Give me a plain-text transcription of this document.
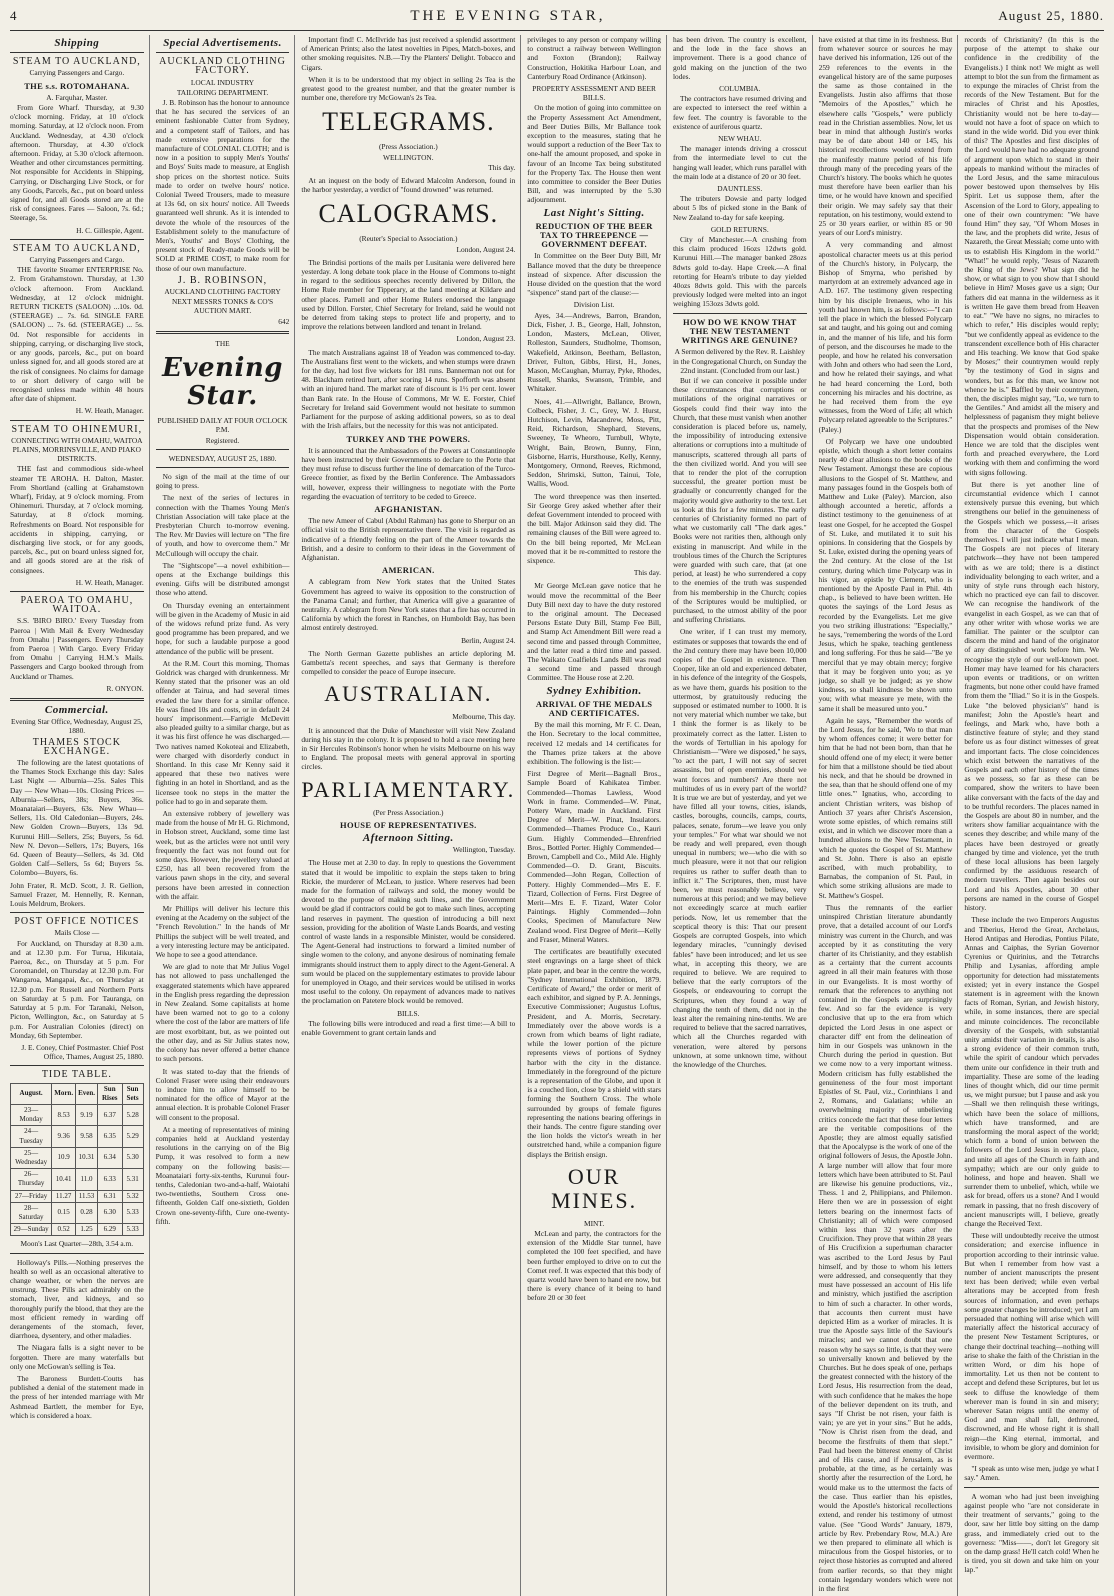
4	THE EVENING STAR,	August 25, 1880.
Shipping
STEAM TO AUCKLAND,
Carrying Passengers and Cargo.
THE s.s. ROTOMAHANA.
A. Farquhar, Master.

From Gore Wharf. Thursday, at 9.30 o'clock morning. Friday, at 10 o'clock morning. Saturday, at 12 o'clock noon. From Auckland. Wednesday, at 4.30 o'clock afternoon. Thursday, at 4.30 o'clock afternoon. Friday, at 5.30 o'clock afternoon. Weather and other circumstances permitting. Not responsible for Accidents in Shipping, Carrying, or Discharging Live Stock, or for any Goods, Parcels, &c., put on board unless signed for, and all Goods stored are at the risk of consignees. Fares — Saloon, 7s. 6d.; Steerage, 5s.

H. C. Gillespie, Agent.
STEAM TO AUCKLAND,
Carrying Passengers and Cargo.

THE favorite Steamer ENTERPRISE No. 2. From Grahamstown. Thursday, at 1.30 o'clock afternoon. From Auckland. Wednesday, at 12 o'clock midnight. RETURN TICKETS (SALOON) ...10s. 0d. (STEERAGE) ... 7s. 6d. SINGLE FARE (SALOON) ... 7s. 6d. (STEERAGE) ... 5s. 0d. Not responsible for accidents in shipping, carrying, or discharging live stock, or any goods, parcels, &c., put on board unless signed for, and all goods stored are at the risk of consignees. No claims for damage to or short delivery of cargo will be recognised unless made within 48 hours after date of shipment.

H. W. Heath, Manager.
STEAM TO OHINEMURI,
CONNECTING WITH OMAHU, WAITOA PLAINS, MORRINSVILLE, AND PIAKO DISTRICTS.

THE fast and commodious side-wheel steamer TE AROHA. H. Dalton, Master. From Shortland (calling at Grahamstown Wharf), Friday, at 9 o'clock morning. From Ohinemuri. Thursday, at 7 o'clock morning. Saturday, at 8 o'clock morning. Refreshments on Board. Not responsible for accidents in shipping, carrying, or discharging live stock, or for any goods, parcels, &c., put on board unless signed for, and all goods stored are at the risk of consignees.

H. W. Heath, Manager.
PAEROA TO OMAHU, WAITOA.

S.S. 'BIRO BIRO.' Every Tuesday from Paeroa | With Mail & Every Wednesday from Omahu | Passengers. Every Thursday from Paeroa | With Cargo. Every Friday from Omahu | Carrying H.M.'s Mails. Passengers and Cargo booked through from Auckland or Thames.

R. ONYON.
Commercial.
Evening Star Office, Wednesday, August 25, 1880.
THAMES STOCK EXCHANGE.

The following are the latest quotations of the Thames Stock Exchange this day: Sales Last Night — Alburnia—25s. Sales This Day — New Whau—10s. Closing Prices — Alburnia—Sellers, 38s; Buyers, 36s. Moanataiari—Buyers, 63s. New Whau—Sellers, 11s. Old Caledonian—Buyers, 24s. New Golden Crown—Buyers, 13s 9d. Kurunui Hill—Sellers, 25s; Buyers, 5s 6d. New N. Devon—Sellers, 17s; Buyers, 16s 6d. Queen of Beauty—Sellers, 4s 3d. Old Golden Calf—Sellers, 5s 6d; Buyers 5s. Colombo—Buyers, 6s.

John Frater, R. McD. Scott, J. R. Gellion, Samuel Frazer, M. Hennelly, R. Kennan, Louis Meldrum, Brokers.

POST OFFICE NOTICES
Mails Close —

For Auckland, on Thursday at 8.30 a.m. and at 12.30 p.m. For Turua, Hikutaia, Paeroa, &c., on Thursday at 5 p.m. For Coromandel, on Thursday at 12.30 p.m. For Wangaroa, Mangapai, &c., on Thursday at 12.30 p.m. For Russell and Northern Ports on Saturday at 5 p.m. For Tauranga, on Saturday at 5 p.m. For Taranaki, Nelson, Picton, Wellington, &c., on Saturday at 5 p.m. For Australian Colonies (direct) on Monday, 6th September.

J. E. Coney, Chief Postmaster. Chief Post Office, Thames, August 25, 1880.
TIDE TABLE.
August.	Morn.	Even.	Sun Rises	Sun Sets
23—Monday	8.53	9.19	6.37	5.28
24—Tuesday	9.36	9.58	6.35	5.29
25—Wednesday	10.9	10.31	6.34	5.30
26—Thursday	10.41	11.0	6.33	5.31
27—Friday	11.27	11.53	6.31	5.32
28—Saturday	0.15	0.28	6.30	5.33
29—Sunday	0.52	1.25	6.29	5.33
Moon's Last Quarter—28th, 3.54 a.m.

Holloway's Pills.—Nothing preserves the health so well as an occasional alterative to change weather, or when the nerves are unstrung. These Pills act admirably on the stomach, liver, and kidneys, and so thoroughly purify the blood, that they are the most efficient remedy in warding off derangements of the stomach, fever, diarrhoea, dysentery, and other maladies.

The Niagara falls is a sight never to be forgotten. There are many waterfalls but only one McGowan's selling is Tea.

The Baroness Burdett-Coutts has published a denial of the statement made in the press of her intended marriage with Mr Ashmead Bartlett, the member for Eye, which is considered a hoax.

Special Advertisements.
AUCKLAND CLOTHING FACTORY.
LOCAL INDUSTRY
TAILORING DEPARTMENT.

J. B. Robinson has the honour to announce that he has secured the services of an eminent fashionable Cutter from Sydney, and a competent staff of Tailors, and has made extensive preparations for the manufacture of COLONIAL CLOTH; and is now in a position to supply Men's Youths' and Boys' Suits made to measure, at English shop prices on the shortest notice. Suits made to order on twelve hours' notice. Colonial Tweed Trousers, made to measure at 13s 6d, on six hours' notice. All Tweeds guaranteed well shrunk. As it is intended to devote the whole of the resources of the Establishment solely to the manufacture of Men's, Youths' and Boys' Clothing, the present stock of Ready-made Goods will be SOLD at PRIME COST, to make room for those of our own manufacture.

J. B. ROBINSON,
AUCKLAND CLOTHING FACTORY
NEXT MESSRS TONKS & CO'S AUCTION MART.
642
THE
Evening Star.
PUBLISHED DAILY AT FOUR O'CLOCK P.M.
Registered.
WEDNESDAY, AUGUST 25, 1880.

No sign of the mail at the time of our going to press.

The next of the series of lectures in connection with the Thames Young Men's Christian Association will take place at the Presbyterian Church to-morrow evening. The Rev. Mr Davies will lecture on "The fire of youth, and how to overcome them." Mr McCullough will occupy the chair.

The "Sightscope"—a novel exhibition—opens at the Exchange buildings this evening. Gifts will be distributed amongst those who attend.

On Thursday evening an entertainment will be given in the Academy of Music in aid of the widows refund prize fund. As very good programme has been prepared, and we hope, for such a laudable purpose a good attendance of the public will be present.

At the R.M. Court this morning, Thomas Goldrick was charged with drunkenness. Mr Kenny stated that the prisoner was an old offender at Tairua, and had several times evaded the law there for a similar offence. He was fined 10s and costs, or in default 24 hours' imprisonment.—Farrigle McDevitt also pleaded guilty to a similar charge, but as it was his first offence he was discharged.—Two natives named Kokoteai and Elizabeth, were charged with disorderly conduct in Shortland. In this case Mr Kenny said it appeared that these two natives were fighting in an hotel in Shortland, and as the licensee took no steps in the matter the police had to go in and separate them.

An extensive robbery of jewellery was made from the house of Mr H. G. Richmond, in Hobson street, Auckland, some time last week, but as the articles were not until very frequently the fact was not found out for some days. However, the jewellery valued at £250, has all been recovered from the various pawn shops in the city, and several persons have been arrested in connection with the affair.

Mr Phillips will deliver his lecture this evening at the Academy on the subject of the "French Revolution." In the hands of Mr Phillips the subject will be well treated, and a very interesting lecture may be anticipated. We hope to see a good attendance.

We are glad to note that Mr Julius Vogel has not allowed to pass unchallenged the exaggerated statements which have appeared in the English press regarding the depression in New Zealand. Some capitalists at home have been warned not to go to a colony where the cost of the labor are matters of life are most exorbitant, but, as we pointed out the other day, and as Sir Julius states now, the colony has never offered a better chance to such persons.

It was stated to-day that the friends of Colonel Fraser were using their endeavours to induce him to allow himself to be nominated for the office of Mayor at the annual election. It is probable Colonel Fraser will consent to the proposal.

At a meeting of representatives of mining companies held at Auckland yesterday resolutions in the carrying on of the Big Pump, it was resolved to form a new company on the following basis:—Moanataiari forty-six-tenths, Kurunui four-tenths, Caledonian two-and-a-half, Waiotahi two-twentieths, Southern Cross one-fifteenth, Golden Calf one-sixtieth, Golden Crown one-seventy-fifth, Cure one-twenty-fifth.

Important find! C. McIlvride has just received a splendid assortment of American Prints; also the latest novelties in Pipes, Match-boxes, and other smoking requisites. N.B.—Try the Planters' Delight. Tobacco and Cigars.

When it is to be understood that my object in selling 2s Tea is the greatest good to the greatest number, and that the greater number is number one, therefore try McGowan's 2s Tea.

TELEGRAMS.
(Press Association.)
WELLINGTON.
This day.

At an inquest on the body of Edward Malcolm Anderson, found in the harbor yesterday, a verdict of "found drowned" was returned.

CALOGRAMS.
(Reuter's Special to Association.)
London, August 24.

The Brindisi portions of the mails per Lusitania were delivered here yesterday. A long debate took place in the House of Commons to-night in regard to the seditious speeches recently delivered by Dillon, the Home Rule member for Tipperary, at the land meeting at Kildare and other places. Parnell and other Home Rulers endorsed the language used by Dillon. Forster, Chief Secretary for Ireland, said he would not be deterred from taking steps to protect life and property, and to improve the relations between landlord and tenant in Ireland.

London, August 23.

The match Australians against 18 of Yeadon was commenced to-day. The Australians first went to the wickets, and when stumps were drawn for the day, had lost five wickets for 181 runs. Bannerman not out for 48. Blackham retired hurt, after scoring 14 runs. Spofforth was absent with an injured hand. The market rate of discount is 1½ per cent. lower than Bank rate. In the House of Commons, Mr W. E. Forster, Chief Secretary for Ireland said Government would not hesitate to summon Parliament for the purpose of asking additional powers, so as to deal with the Irish affairs, but the necessity for this was not anticipated.

TURKEY AND THE POWERS.

It is announced that the Ambassadors of the Powers at Constantinople have been instructed by their Governments to declare to the Porte that they must refuse to discuss further the line of demarcation of the Turco-Greece frontier, as fixed by the Berlin Conference. The Ambassadors will, however, express their willingness to negotiate with the Porte regarding the evacuation of territory to be ceded to Greece.

AFGHANISTAN.

The new Ameer of Cabul (Abdul Rahman) has gone to Sherpur on an official visit to the British representative there. The visit is regarded as indicative of a friendly feeling on the part of the Ameer towards the British, and a desire to conform to their ideas in the Government of Afghanistan.

AMERICAN.

A cablegram from New York states that the United States Government has agreed to waive its opposition to the construction of the Panama Canal; and further, that America will give a guarantee of neutrality. A cablegram from New York states that a fire has occurred in California by which the forest in Ranches, on Humboldt Bay, has been almost entirely destroyed.

Berlin, August 24.

The North German Gazette publishes an article deploring M. Gambetta's recent speeches, and says that Germany is therefore compelled to consider the peace of Europe insecure.

AUSTRALIAN.
Melbourne, This day.

It is announced that the Duke of Manchester will visit New Zealand during his stay in the colony. It is proposed to hold a race meeting here in Sir Hercules Robinson's honor when he visits Melbourne on his way to England. The proposal meets with general approval in sporting circles.

PARLIAMENTARY.
(Per Press Association.)
HOUSE OF REPRESENTATIVES.
Afternoon Sitting.
Wellington, Tuesday.

The House met at 2.30 to day. In reply to questions the Government stated that it would be impolitic to explain the steps taken to bring Rickie, the murderer of McLean, to justice. Where reserves had been made for the formation of railways and sold, the money would be devoted to the purpose of making such lines, and the Government would be glad if contractors could be got to make such lines, accepting land reserves in payment. The question of introducing a bill next session, providing for the abolition of Waste Lands Boards, and vesting control of waste lands in a responsible Minister, would be considered. The Agent-General had instructions to forward a limited number of single women to the colony, and anyone desirous of nominating female immigrants should instruct them to apply direct to the Agent-General. A sum would be placed on the supplementary estimates to provide labour for unemployed in Otago, and their services would be utilised in works most useful to the colony. On repayment of advances made to natives the proclamation on Patetere block would be removed.

BILLS.

The following bills were introduced and read a first time:—A bill to enable Government to grant certain lands and

privileges to any person or company willing to construct a railway between Wellington and Foxton (Brandon); Railway Construction, Hokitika Harbour Loan, and Canterbury Road Ordinance (Atkinson).

PROPERTY ASSESSMENT AND BEER BILLS.

On the motion of going into committee on the Property Assessment Act Amendment, and Beer Duties Bills, Mr Ballance took exception to the measures, stating that he would support a reduction of the Beer Tax to one-half the amount proposed, and spoke in favour of an Income Tax being substituted for the Property Tax. The House then went into committee to consider the Beer Duties Bill, and was interrupted by the 5.30 adjournment.

Last Night's Sitting.
REDUCTION OF THE BEER TAX TO THREEPENCE — GOVERNMENT DEFEAT.

In Committee on the Beer Duty Bill, Mr Ballance moved that the duty be threepence instead of sixpence. After discussion the House divided on the question that the word "sixpence" stand part of the clause:—

Division List.

Ayes, 34.—Andrews, Barron, Brandon, Dick, Fisher, J. B., George, Hall, Johnston, London, Masters, McLean, Oliver, Rolleston, Saunders, Studholme, Thomson, Wakefield, Atkinson, Beetham, Bellaston, Driver, Fulton, Gibbs, Hirst, H., Jones, Mason, McCaughan, Murray, Pyke, Rhodes, Russell, Shanks, Swanson, Trimble, and Whitaker.

Noes, 41.—Allwright, Ballance, Brown, Colbeck, Fisher, J. C., Grey, W. J. Hurst, Hutchison, Levin, Macandrew, Moss, Pitt, Reid, Richardson, Shephard, Stevens, Sweeney, Te Wheoro, Turnbull, Whyte, Wright, Bain, Brown, Bunny, Finn, Gisborne, Harris, Hursthouse, Kelly, Kenny, Montgomery, Ormond, Reeves, Richmond, Seddon, Shrimski, Sutton, Tainui, Tole, Wallis, Wood.

The word threepence was then inserted. Sir George Grey asked whether after their defeat Government intended to proceed with the bill. Major Atkinson said they did. The remaining clauses of the Bill were agreed to. On the bill being reported, Mr McLean moved that it be re-committed to restore the sixpence.

This day.

Mr George McLean gave notice that he would move the recommittal of the Beer Duty Bill next day to have the duty restored to the original amount. The Deceased Persons Estate Duty Bill, Stamp Fee Bill, and Stamp Act Amendment Bill were read a second time and passed through Committee, and the latter read a third time and passed. The Waikato Coalfields Lands Bill was read a second time and passed through Committee. The House rose at 2.20.

Sydney Exhibition.
ARRIVAL OF THE MEDALS AND CERTIFICATES.

By the mail this morning, Mr F. C. Dean, the Hon. Secretary to the local committee, received 12 medals and 14 certificates for the Thames prize takers at the above exhibition. The following is the list:—

First Degree of Merit—Bagnall Bros., Sample Board of Kahikatea Timber. Commended—Thomas Lawless, Wood Work in frame. Commended—W. Pinat, Pottery Ware, made in Auckland. First Degree of Merit—W. Pinat, Insulators. Commended—Thames Produce Co., Kauri Gum. Highly Commended—Ehrenfried Bros., Bottled Porter. Highly Commended—Brown, Campbell and Co., Mild Ale. Highly Commended—O. D. Grant, Biscuits. Commended—John Regan, Collection of Pottery. Highly Commended—Mrs E. F. Tizard, Collection of Ferns. First Degree of Merit—Mrs E. F. Tizard, Water Color Paintings. Highly Commended—John Cooks, Specimen of Manufacture New Zealand wood. First Degree of Merit—Kelly and Fraser, Mineral Waters.

The certificates are beautifully executed steel engravings on a large sheet of thick plate paper, and bear in the centre the words, "Sydney International Exhibition, 1879. Certificate of Award," the order or merit of each exhibitor, and signed by P. A. Jennings, Executive Commissioner; Augustus Loftus, President, and A. Morris, Secretary. Immediately over the above words is a crown from which beams of light radiate, while the lower portion of the picture represents views of portions of Sydney harbor with the city in the distance. Immediately in the foreground of the picture is a representation of the Globe, and upon it is a couched lion, close by a shield with stars forming the Southern Cross. The whole surrounded by groups of female figures representing the nations bearing offerings in their hands. The centre figure standing over the lion holds the victor's wreath in her outstretched hand, while a companion figure displays the British ensign.

OUR MINES.
MINT.

McLean and party, the contractors for the extension of the Middle Star tunnel, have completed the 100 feet specified, and have been further employed to drive on to cut the Comet reef. It was expected that this body of quartz would have been to hand ere now, but there is every chance of it being to hand before 20 or 30 feet

has been driven. The country is excellent, and the lode in the face shows an improvement. There is a good chance of gold making on the junction of the two lodes.

COLUMBIA.

The contractors have resumed driving and are expected to intersect the reef within a few feet. The country is favorable to the existence of auriferous quartz.

NEW WHAU.

The manager intends driving a crosscut from the intermediate level to cut the hanging wall leader, which runs parallel with the main lode at a distance of 20 or 30 feet.

DAUNTLESS.

The tributers Dowsie and party lodged about 5 lbs of picked stone in the Bank of New Zealand to-day for safe keeping.

GOLD RETURNS.

City of Manchester.—A crushing from this claim produced 16ozs 12dwts gold. Kurunui Hill.—The manager banked 28ozs 8dwts gold to-day. Hape Creek.—A final retorting for Hearn's tribute to day yielded 40ozs 8dwts gold. This with the parcels previously lodged were melted into an ingot weighing 153ozs 3dwts gold.

HOW DO WE KNOW THAT THE NEW TESTAMENT WRITINGS ARE GENUINE?
A Sermon delivered by the Rev. R. Laishley in the Congregational Church, on Sunday the 22nd instant. (Concluded from our last.)

But if we can conceive it possible under these circumstances that corruptions or mutilations of the original narratives or Gospels could find their way into the Church, that these must vanish when another consideration is placed before us, namely, the impossibility of introducing extensive alterations or corruptions into a multitude of manuscripts, scattered through all parts of the then civilized world. And you will see that to render the plot of the corruption successful, the greater portion must be gradually or concurrently changed for the majority would give authority to the text. Let us look at this for a few minutes. The early centuries of Christianity formed no part of what we customarily call "The dark ages." Books were not rarities then, although only existing in manuscript. And while in the troublous times of the Church the Scriptures were guarded with such care, that (at one period, at least) he who surrendered a copy to the enemies of the truth was suspended from his membership in the Church; copies of the Scriptures would be multiplied, or purchased, to the utmost ability of the poor and suffering Christians.

One writer, if I can trust my memory, estimates or supposes that towards the end of the 2nd century there may have been 10,000 copies of the Gospel in existence. Then Cooper, like an old and experienced debater, in his defence of the integrity of the Gospels, as we have them, guards his position to the uttermost, by gratuitously reducing the supposed or estimated number to 1000. It is not very material which number we take, but I think the former is as likely to be proximately correct as the latter. Listen to the words of Tertullian in his apology for Christianism—"Were we disposed," he says, "to act the part, I will not say of secret assassins, but of open enemies, should we want forces and numbers? Are there not multitudes of us in every part of the world? It is true we are but of yesterday, and yet we have filled all your towns, cities, islands, castles, boroughs, councils, camps, courts, palaces, senate, forum—we leave you only your temples." For what war should we not be ready and well prepared, even though unequal in numbers; we—who die with so much pleasure, were it not that our religion requires us rather to suffer death than to inflict it." The Scriptures, then, must have been, we must reasonably believe, very numerous at this period; and we may believe not exceedingly scarce at much earlier periods. Now, let us remember that the sceptical theory is this: That our present Gospels are corrupted Gospels, into which legendary miracles, "cunningly devised fables" have been introduced; and let us see what, in accepting this theory, we are required to believe. We are required to believe that the early corruptors of the Gospels, or endeavouring to corrupt the Scriptures, when they found a way of changing the tenth of them, did not in the least alter the remaining nine-tenths. We are required to believe that the sacred narratives, which all the Churches regarded with veneration, were altered by persons unknown, at some unknown time, without the knowledge of the Churches.

have existed at that time in its freshness. But from whatever source or sources he may have derived his information, 126 out of the 259 references to the events in the evangelical history are of the same purposes the same as those contained in the Evangelists. Justin also affirms that those "Memoirs of the Apostles," which he elsewhere calls "Gospels," were publicly read in the Christian assemblies. Now, let us bear in mind that although Justin's works may be of date about 140 or 145, his historical recollections would extend from the manifestly mature period of his life through many of the preceding years of the Church's history. The books which he quotes must therefore have been earlier than his time, or he would have known and specified their origin. We may safely say that their reputation, on his testimony, would extend to 25 or 30 years earlier, or within 85 or 90 years of our Lord's ministry.

A very commanding and almost apostolical character meets us at this period of the Church's history, in Polycarp, the Bishop of Smyrna, who perished by martyrdom at an extremely advanced age in A.D. 167. The testimony given respecting him by his disciple Irenaeus, who in his youth had known him, is as follows:—"I can tell the place in which the blessed Polycarp sat and taught, and his going out and coming in, and the manner of his life, and his form of person, and the discourses he made to the people, and how he related his conversation with John and others who had seen the Lord, and how he related their sayings, and what he had heard concerning the Lord, both concerning his miracles and his doctrine, as he had received them from the eye witnesses, from the Word of Life; all which Polycarp related agreeable to the Scriptures." (Paley.)

Of Polycarp we have one undoubted epistle, which though a short letter contains nearly 40 clear allusions to the books of the New Testament. Amongst these are copious allusions to the Gospel of St. Matthew, and many passages found in the Gospels both of Matthew and Luke (Paley). Marcion, also although accounted a heretic, affords a distinct testimony to the genuineness of at least one Gospel, for he accepted the Gospel of St. Luke, and mutilated it to suit his opinions. In considering that the Gospels by St. Luke, existed during the opening years of the 2nd century. At the close of the 1st century, during which time Polycarp was in his vigor, an epistle by Clement, who is mentioned by the Apostle Paul in Phil. 4th chap., is believed to have been written. He quotes the sayings of the Lord Jesus as recorded by the Evangelists. Let me give you two striking illustrations: "Especially," he says, "remembering the words of the Lord Jesus, which he spake, teaching gentleness and long suffering. For thus he said—"Be ye merciful that ye may obtain mercy; forgive that it may be forgiven unto you; as ye judge, so shall ye be judged; as ye show kindness, so shall kindness be shown unto you; with what measure ye mete, with the same it shall be measured unto you."

Again he says, "Remember the words of the Lord Jesus, for he said, 'Wo to that man by whom offences come; it were better for him that he had not been born, than that he should offend one of my elect; it were better for him that a millstone should be tied about his neck, and that he should be drowned in the sea, than that he should offend one of my little ones.'" Ignatius, who, according to ancient Christian writers, was bishop of Antioch 37 years after Christ's Ascension, wrote some epistles, of which remains still exist, and in which we discover more than a hundred allusions to the New Testament, in which he quotes the Gospel of St. Matthew and St. John. There is also an epistle ascribed, with much probability, to Barnabas, the companion of St. Paul, in which some striking allusions are made to St. Matthew's Gospel.

Thus the remnants of the earlier uninspired Christian literature abundantly prove, that a detailed account of our Lord's ministry was current in the Church, and was accepted by it as constituting the very charter of its Christianity, and they establish as a certainty that the current accounts agreed in all their main features with those in our Evangelists. It is most worthy of remark that the references to anything not contained in the Gospels are surprisingly few. And so far the evidence is very conclusive that up to the era from which depicted the Lord Jesus in one aspect or character diff' ent from the delineation of him in our Gospels was unknown in the Church during the period in question. But we come now to a very important witness. Modern criticism has fully established the genuineness of the four most important Epistles of St. Paul, viz., Corinthians 1 and 2, Romans, and Galatians; while an overwhelming majority of unbelieving critics concede the fact that these four letters are the veritable compositions of the Apostle; they are almost equally satisfied that the Apocalypse is the work of one of the original followers of Jesus, the Apostle John. A large number will allow that four more letters which have been attributed to St. Paul are likewise his genuine productions, viz., Thess. 1 and 2, Philippians, and Philemon. Here then we are in possession of eight letters bearing on the innermost facts of Christianity; all of which were composed within less than 32 years after the Crucifixion. They prove that within 28 years of His Crucifixion a superhuman character was ascribed to the Lord Jesus by Paul himself, and by those to whom his letters were addressed, and consequently that they must have possessed an account of His life and ministry, which justified the ascription to him of such a character. In other words, that accounts then current must have depicted Him as a worker of miracles. It is true the Apostle says little of the Saviour's miracles; and we cannot doubt that one reason why he says so little, is that they were so universally known and believed by the Churches. But he does speak of one, perhaps the greatest connected with the history of the Lord Jesus, His resurrection from the dead, with such confidence that he makes the hope of the believer dependent on its truth, and says "If Christ be not risen, your faith is vain; ye are yet in your sins." But he adds, "Now is Christ risen from the dead, and become the firstfruits of them that slept." Paul had been the bitterest enemy of Christ and of His cause, and if Jerusalem, as is probable, at the time, as he certainly was shortly after the resurrection of the Lord, he would make us to the uttermost the facts of the case. Thus earlier than his epistles, would the Apostle's historical recollections extend, and render his testimony of utmost value. (See "Good Words" January, 1879, article by Rev. Prebendary Row, M.A.) Are we then prepared to eliminate all which is miraculous from the Gospel histories, or to reject those histories as corrupted and altered from earlier records, so that they might contain legendary wonders which were not in the first

records of Christianity? (In this is the purpose of the attempt to shake our confidence in the credibility of the Evangelists.) I think not! We might as well attempt to blot the sun from the firmament as to expunge the miracles of Christ from the records of the New Testament. But for the miracles of Christ and his Apostles, Christianity would not be here to-day—would not have a foot of space on which to stand in the wide world. Did you ever think of this? The Apostles and first disciples of the Lord would have had no adequate ground of argument upon which to stand in their appeals to mankind without the miracles of the Lord Jesus, and the same miraculous power bestowed upon themselves by His Spirit. Let us suppose them, after the Ascension of the Lord to Glory, appealing to one of their own countrymen: "We have found Him" they say, "Of Whom Moses in the law, and the prophets did write, Jesus of Nazareth, the Great Messiah; come unto with us to establish His Kingdom in the world." "What!" he would reply, "Jesus of Nazareth the King of the Jews? What sign did he show, or what sign to you show that I should believe in Him? Moses gave us a sign; Our fathers did eat manna in the wilderness as it is written He gave them bread from Heaven to eat." "We have no signs, no miracles to which to refer," His disciples would reply; "but we confidently appeal as evidence to the transcendent excellence both of His character and His teaching. We know that God spake by Moses;" their countrymen would reply "by the testimony of God in signs and wonders, but as for this man, we know not whence he is." Baffled by their countrymen, then, the disciples might say, "Lo, we turn to the Gentiles." And amidst all the misery and helplessness of paganism they might believe that the prospects and promises of the New Dispensation would obtain consideration. Hence we are told that the disciples went forth and preached everywhere, the Lord working with them and confirming the word with signs following.

But there is yet another line of circumstantial evidence which I cannot extensively pursue this evening, but which strengthens our belief in the genuineness of the Gospels which we possess,—it arises from the character of the Gospels themselves. I will just indicate what I mean. The Gospels are not pieces of literary patchwork—they have not been tampered with as we are told; there is a distinct individuality belonging to each writer, and a unity of style runs through each history, which no practiced eye can fail to discover. We can recognise the handiwork of the evangelist in each Gospel, as we can that of any other writer with whose works we are familiar. The painter or the sculptor can discern the mind and hand of the originator of any distinguished work before him. We recognise the style of our well-known poet. Homer may have learned for his characters upon events or traditions, or on written fragments, but none other could have framed from them the "Iliad." So it is in the Gospels. Luke "the beloved physician's" hand is manifest; John the Apostle's heart and feelings, and Mark who, have both a distinctive feature of style; and they stand before us as four distinct witnesses of great and important facts. The close coincidences which exist between the narratives of the Gospels and each other history of the times as we possess, so far as these can be compared, show the writers to have been alike conversant with the facts of the day and to be truthful recorders. The places named in the Gospels are about 80 in number, and the writers show familiar acquaintance with the scenes they describe; and while many of the places have been destroyed or greatly changed by time and violence, yet the truth of these local allusions has been largely confirmed by the assiduous research of modern travellers. Then again besides our Lord and his Apostles, about 30 other persons are named in the course of Gospel history.

These include the two Emperors Augustus and Tiberius, Herod the Great, Archelaus, Herod Antipas and Herodias, Pontius Pilate, Annas and Caiphas, the Syrian Governor Cyrenius or Quirinius, and the Tetrarchs Philip and Lysanias, affording ample opportunity for detection had misstatements existed; yet in every instance the Gospel statement is in agreement with the known facts of Roman, Syrian, and Jewish history, while, in some instances, there are special and minute coincidences. The reconcilable diversity of the Gospels, with substantial unity amidst their variation in details, is also a strong evidence of their common truth, while the spirit of candour which pervades them unite our confidence in their truth and impartiality. These are some of the leading lines of thought which, did our time permit us, we might pursue; but I pause and ask you—Shall we then relinquish these writings, which have been the solace of millions, which have transformed, and are transforming the moral aspect of the world; which form a bond of union between the followers of the Lord Jesus in every place, and unite all ages of the Church in faith and sympathy; which are our only guide to holiness, and hope and heaven. Shall we surrender them to unbelief, which, while we ask for bread, offers us a stone? And I would remark in passing, that no fresh discovery of ancient manuscripts will, I believe, greatly change the Received Text.

These will undoubtedly receive the utmost consideration; and exercise influence in proportion according to their intrinsic value. But when I remember from how vast a number of ancient manuscripts the present text has been derived; while even verbal alterations may be accepted from fresh sources of information, and even perhaps some greater changes be introduced; yet I am persuaded that nothing will arise which will materially affect the historical accuracy of the present New Testament Scriptures, or change their doctrinal teaching—nothing will arise to shake the faith of the Christian in the written Word, or dim his hope of immortality. Let us then not be content to accept and defend these Scriptures, but let us seek to diffuse the knowledge of them wherever man is found in sin and misery; wherever Satan reigns until the enemy of God and man shall fall, dethroned, discrowned, and He whose right it is shall reign—the King eternal, immortal, and invisible, to whom be glory and dominion for evermore.

"I speak as unto wise men, judge ye what I say." Amen.

A woman who had just been inveighing against people who "are not considerate in their treatment of servants," going to the door, saw her little boy sitting on the damp grass, and immediately cried out to the governess: "Miss——, don't let Gregory sit on the damp grass! He'll catch cold! When he is tired, you sit down and take him on your lap."
